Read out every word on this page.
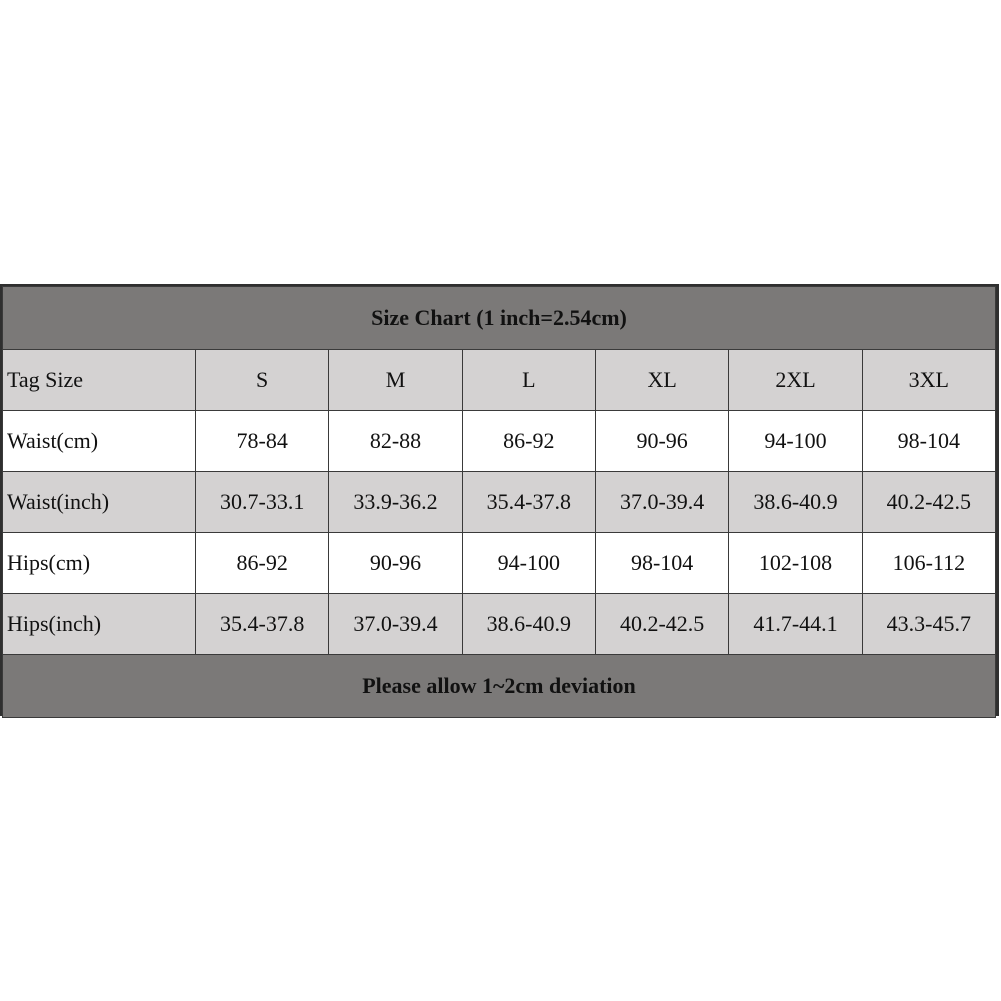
Size Chart (1 inch=2.54cm)						
Tag Size	S	M	L	XL	2XL	3XL
Waist(cm)	78-84	82-88	86-92	90-96	94-100	98-104
Waist(inch)	30.7-33.1	33.9-36.2	35.4-37.8	37.0-39.4	38.6-40.9	40.2-42.5
Hips(cm)	86-92	90-96	94-100	98-104	102-108	106-112
Hips(inch)	35.4-37.8	37.0-39.4	38.6-40.9	40.2-42.5	41.7-44.1	43.3-45.7
Please allow 1~2cm deviation						
